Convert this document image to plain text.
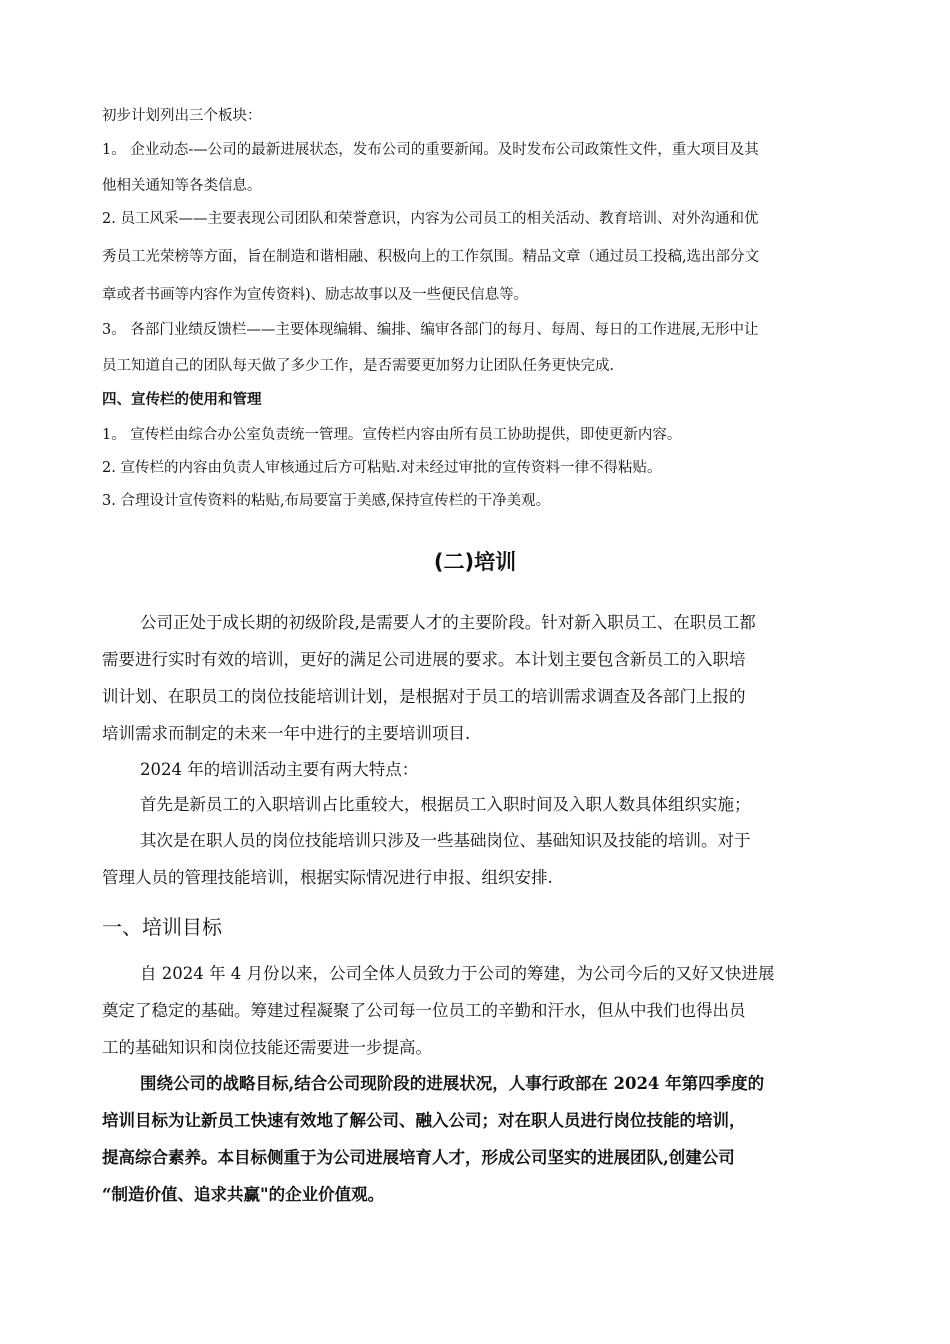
初步计划列出三个板块：
1。 企业动态-—公司的最新进展状态，发布公司的重要新闻。及时发布公司政策性文件，重大项目及其
他相关通知等各类信息。
2. 员工风采——主要表现公司团队和荣誉意识，内容为公司员工的相关活动、教育培训、对外沟通和优
秀员工光荣榜等方面，旨在制造和谐相融、积极向上的工作氛围。精品文章（通过员工投稿,选出部分文
章或者书画等内容作为宣传资料)、励志故事以及一些便民信息等。
3。 各部门业绩反馈栏——主要体现编辑、编排、编审各部门的每月、每周、每日的工作进展,无形中让
员工知道自己的团队每天做了多少工作，是否需要更加努力让团队任务更快完成.
四、宣传栏的使用和管理
1。 宣传栏由综合办公室负责统一管理。宣传栏内容由所有员工协助提供，即使更新内容。
2. 宣传栏的内容由负责人审核通过后方可粘贴.对未经过审批的宣传资料一律不得粘贴。
3. 合理设计宣传资料的粘贴,布局要富于美感,保持宣传栏的干净美观。
(二)培训
公司正处于成长期的初级阶段,是需要人才的主要阶段。针对新入职员工、在职员工都
需要进行实时有效的培训，更好的满足公司进展的要求。本计划主要包含新员工的入职培
训计划、在职员工的岗位技能培训计划，是根据对于员工的培训需求调查及各部门上报的
培训需求而制定的未来一年中进行的主要培训项目.
2024 年的培训活动主要有两大特点：
首先是新员工的入职培训占比重较大，根据员工入职时间及入职人数具体组织实施；
其次是在职人员的岗位技能培训只涉及一些基础岗位、基础知识及技能的培训。对于
管理人员的管理技能培训，根据实际情况进行申报、组织安排.
一、培训目标
自 2024 年 4 月份以来，公司全体人员致力于公司的筹建，为公司今后的又好又快进展
奠定了稳定的基础。筹建过程凝聚了公司每一位员工的辛勤和汗水，但从中我们也得出员
工的基础知识和岗位技能还需要进一步提高。
围绕公司的战略目标,结合公司现阶段的进展状况，人事行政部在 2024 年第四季度的
培训目标为让新员工快速有效地了解公司、融入公司；对在职人员进行岗位技能的培训，
提高综合素养。本目标侧重于为公司进展培育人才，形成公司坚实的进展团队,创建公司
“制造价值、追求共赢"的企业价值观。
